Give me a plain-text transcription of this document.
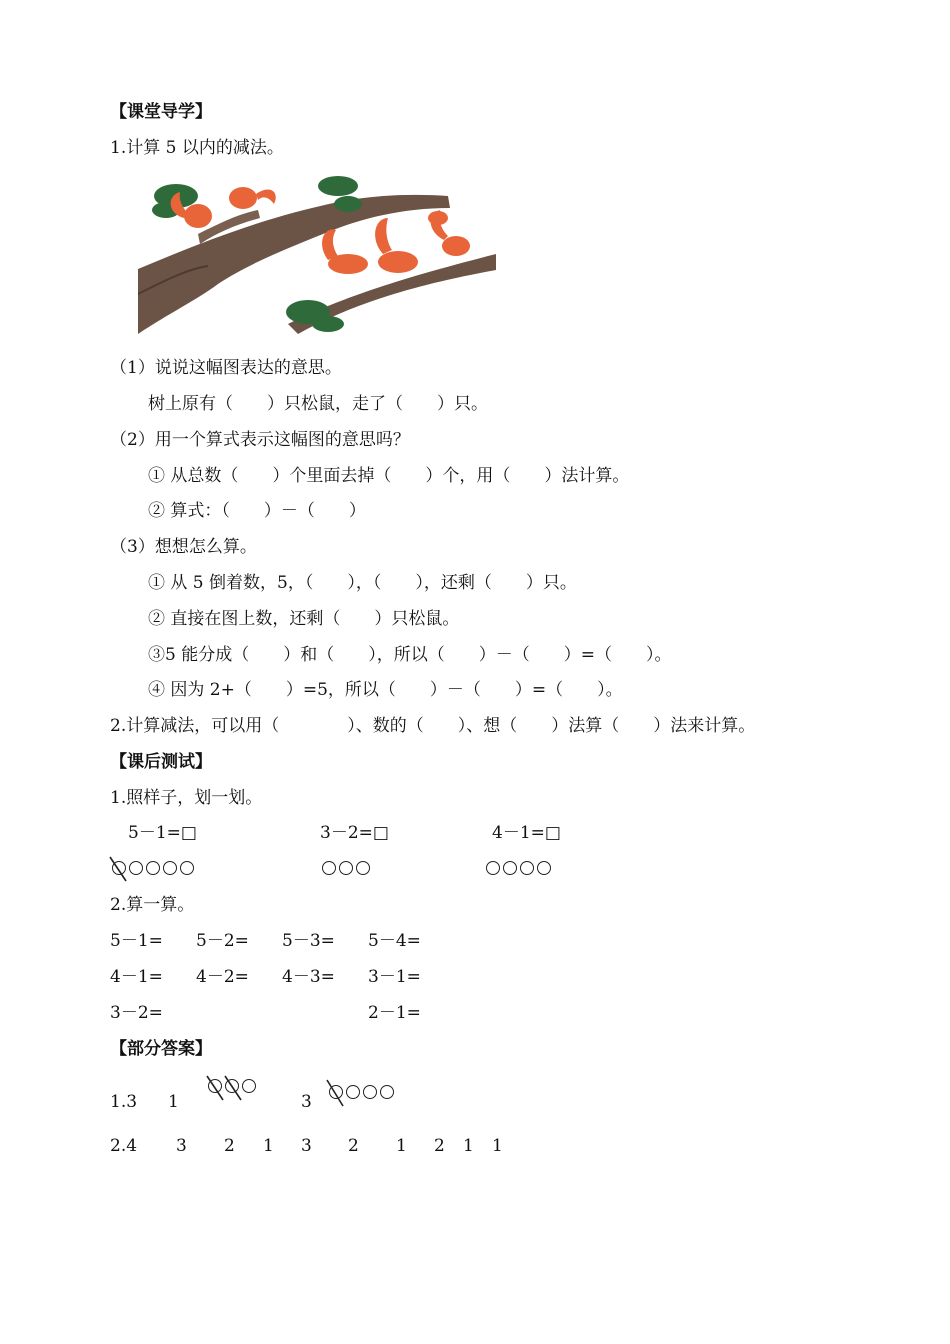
【课堂导学】
1.计算 5 以内的减法。
（1）说说这幅图表达的意思。
树上原有（　　）只松鼠，走了（　　）只。
（2）用一个算式表示这幅图的意思吗？
① 从总数（　　）个里面去掉（　　）个，用（　　）法计算。
② 算式：（　　）－（　　）
（3）想想怎么算。
① 从 5 倒着数，5，（　　），（　　），还剩（　　）只。
② 直接在图上数，还剩（　　）只松鼠。
③5 能分成（　　）和（　　），所以（　　）－（　　）=（　　）。
④ 因为 2+（　　）=5，所以（　　）－（　　）=（　　）。
2.计算减法，可以用（　　　　）、数的（　　）、想（　　）法算（　　）法来计算。
【课后测试】
1.照样子，划一划。
5－1=□	3－2=□	4－1=□
2.算一算。
5－1= 5－2= 5－3= 5－4=
4－1= 4－2= 4－3= 3－1=
3－2=	2－1=
【部分答案】
1.3 1	3
2.4 3 2 1 3 2 1 2 1 1
